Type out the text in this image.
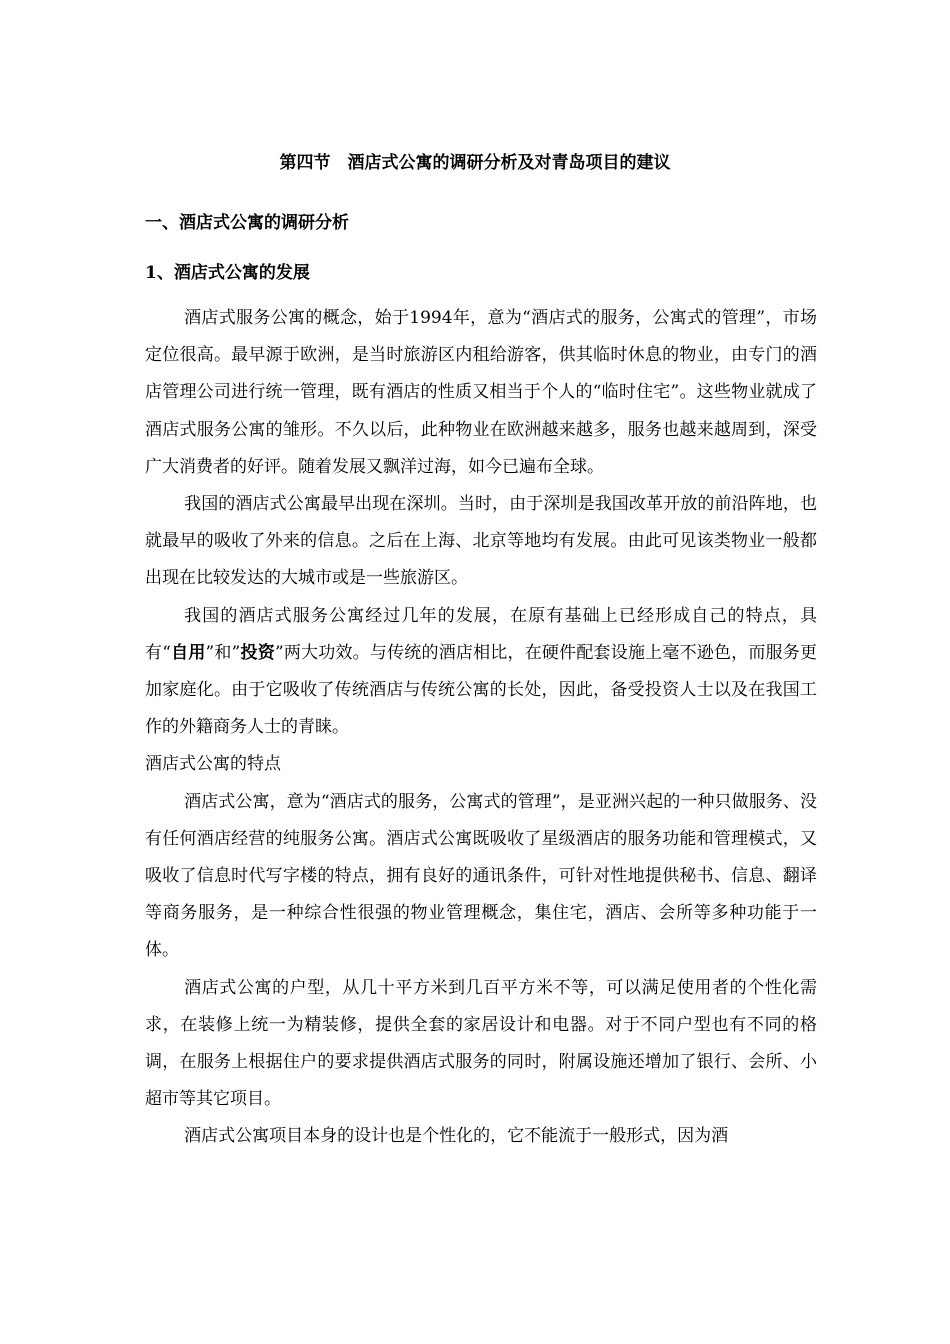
第四节　酒店式公寓的调研分析及对青岛项目的建议
一、酒店式公寓的调研分析
1、酒店式公寓的发展

酒店式服务公寓的概念，始于1994年，意为“酒店式的服务，公寓式的管理”，市场定位很高。最早源于欧洲，是当时旅游区内租给游客，供其临时休息的物业，由专门的酒店管理公司进行统一管理，既有酒店的性质又相当于个人的“临时住宅”。这些物业就成了酒店式服务公寓的雏形。不久以后，此种物业在欧洲越来越多，服务也越来越周到，深受广大消费者的好评。随着发展又飘洋过海，如今已遍布全球。

我国的酒店式公寓最早出现在深圳。当时，由于深圳是我国改革开放的前沿阵地，也就最早的吸收了外来的信息。之后在上海、北京等地均有发展。由此可见该类物业一般都出现在比较发达的大城市或是一些旅游区。

我国的酒店式服务公寓经过几年的发展，在原有基础上已经形成自己的特点，具有“自用”和”投资”两大功效。与传统的酒店相比，在硬件配套设施上毫不逊色，而服务更加家庭化。由于它吸收了传统酒店与传统公寓的长处，因此，备受投资人士以及在我国工作的外籍商务人士的青睐。

酒店式公寓的特点

酒店式公寓，意为“酒店式的服务，公寓式的管理”，是亚洲兴起的一种只做服务、没有任何酒店经营的纯服务公寓。酒店式公寓既吸收了星级酒店的服务功能和管理模式，又吸收了信息时代写字楼的特点，拥有良好的通讯条件，可针对性地提供秘书、信息、翻译等商务服务，是一种综合性很强的物业管理概念，集住宅，酒店、会所等多种功能于一体。

酒店式公寓的户型，从几十平方米到几百平方米不等，可以满足使用者的个性化需求，在装修上统一为精装修，提供全套的家居设计和电器。对于不同户型也有不同的格调，在服务上根据住户的要求提供酒店式服务的同时，附属设施还增加了银行、会所、小超市等其它项目。

酒店式公寓项目本身的设计也是个性化的，它不能流于一般形式，因为酒
